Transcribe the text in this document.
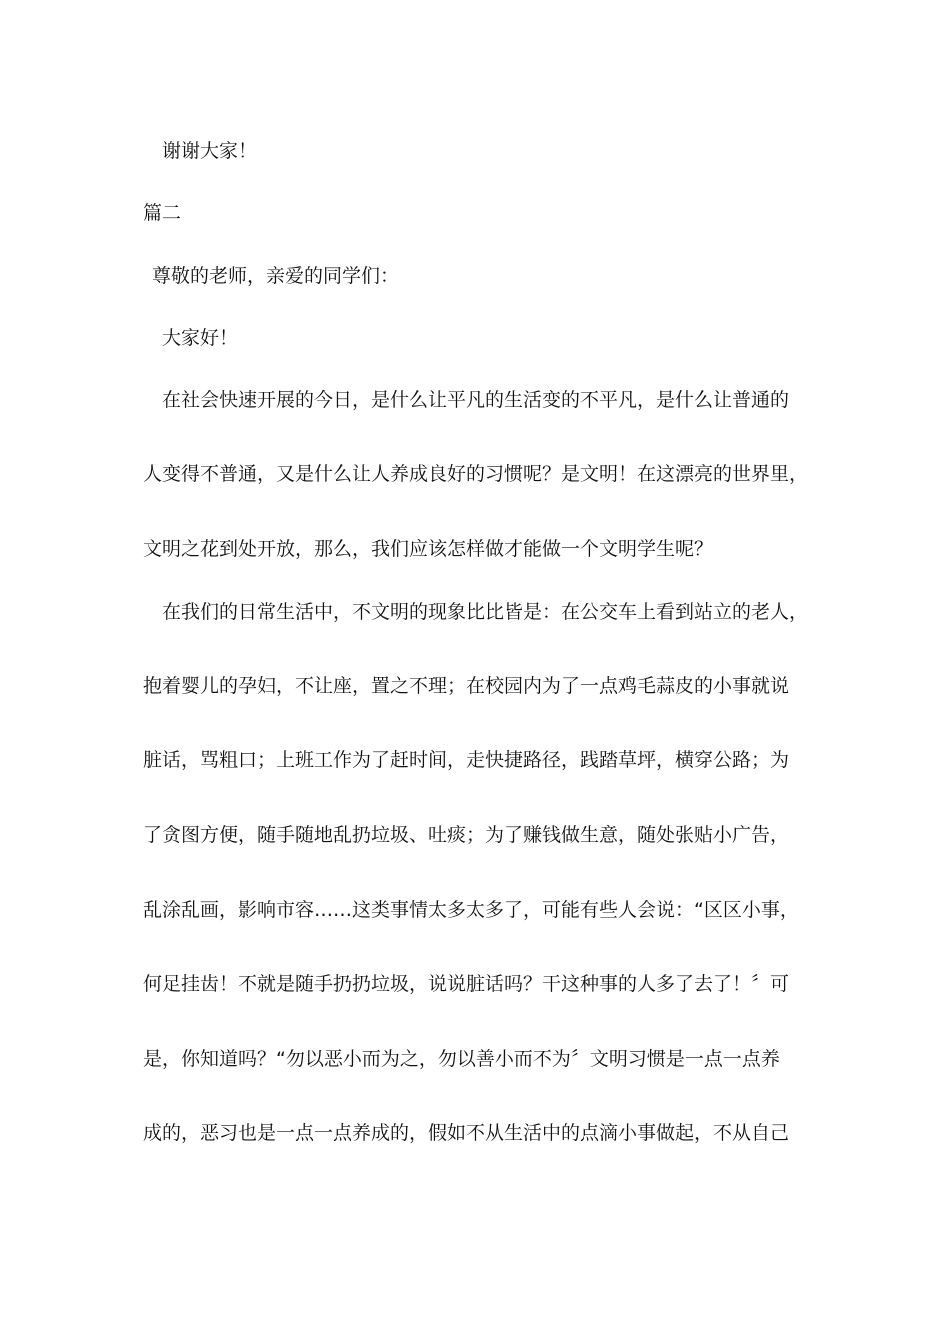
谢谢大家！
篇二
尊敬的老师，亲爱的同学们：
大家好！
在社会快速开展的今日，是什么让平凡的生活变的不平凡，是什么让普通的
人变得不普通，又是什么让人养成良好的习惯呢？是文明！在这漂亮的世界里，
文明之花到处开放，那么，我们应该怎样做才能做一个文明学生呢？
在我们的日常生活中，不文明的现象比比皆是：在公交车上看到站立的老人，
抱着婴儿的孕妇，不让座，置之不理；在校园内为了一点鸡毛蒜皮的小事就说
脏话，骂粗口；上班工作为了赶时间，走快捷路径，践踏草坪，横穿公路；为
了贪图方便，随手随地乱扔垃圾、吐痰；为了赚钱做生意，随处张贴小广告，
乱涂乱画，影响市容……这类事情太多太多了，可能有些人会说：“区区小事，
何足挂齿！不就是随手扔扔垃圾，说说脏话吗？干这种事的人多了去了！〞可
是，你知道吗？“勿以恶小而为之，勿以善小而不为〞文明习惯是一点一点养
成的，恶习也是一点一点养成的，假如不从生活中的点滴小事做起，不从自己
